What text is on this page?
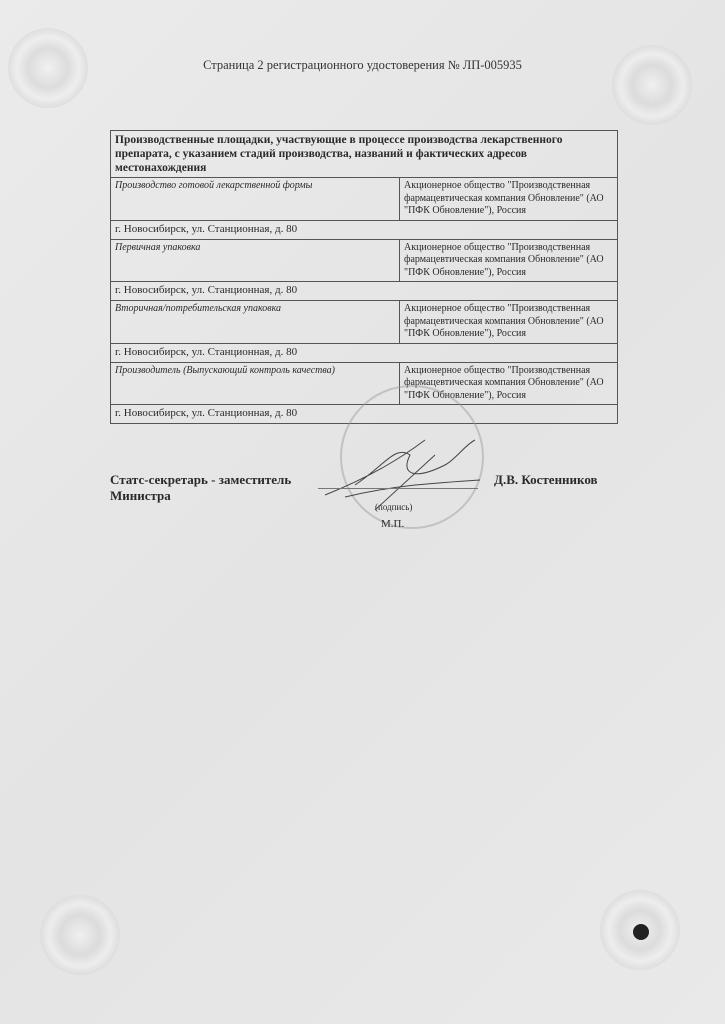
Страница 2 регистрационного удостоверения № ЛП-005935
Производственные площадки, участвующие в процессе производства лекарственного препарата, с указанием стадий производства, названий и фактических адресов местонахождения	
Производство готовой лекарственной формы	Акционерное общество "Производственная фармацевтическая компания Обновление" (АО "ПФК Обновление"), Россия
г. Новосибирск, ул. Станционная, д. 80	
Первичная упаковка	Акционерное общество "Производственная фармацевтическая компания Обновление" (АО "ПФК Обновление"), Россия
г. Новосибирск, ул. Станционная, д. 80	
Вторичная/потребительская упаковка	Акционерное общество "Производственная фармацевтическая компания Обновление" (АО "ПФК Обновление"), Россия
г. Новосибирск, ул. Станционная, д. 80	
Производитель (Выпускающий контроль качества)	Акционерное общество "Производственная фармацевтическая компания Обновление" (АО "ПФК Обновление"), Россия
г. Новосибирск, ул. Станционная, д. 80	
Статс-секретарь - заместитель
Министра
Д.В. Костенников
(подпись)
М.П.
